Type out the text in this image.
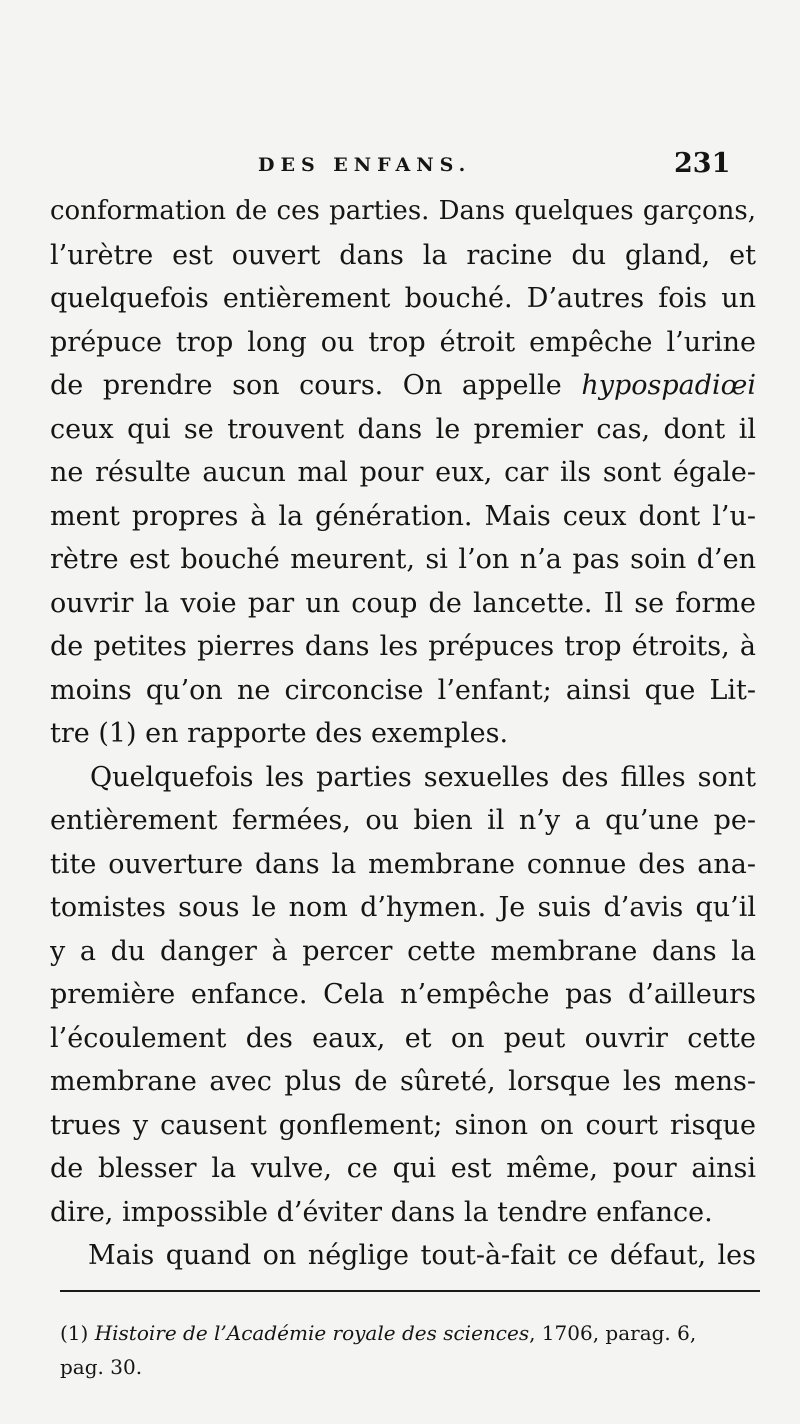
DES ENFANS.	231
conformation de ces parties. Dans quelques garçons,
l’urètre est ouvert dans la racine du gland, et
quelquefois entièrement bouché. D’autres fois un
prépuce trop long ou trop étroit empêche l’urine
de prendre son cours. On appelle hypospadiœi
ceux qui se trouvent dans le premier cas, dont il
ne résulte aucun mal pour eux, car ils sont égale-
ment propres à la génération. Mais ceux dont l’u-
rètre est bouché meurent, si l’on n’a pas soin d’en
ouvrir la voie par un coup de lancette. Il se forme
de petites pierres dans les prépuces trop étroits, à
moins qu’on ne circoncise l’enfant; ainsi que Lit-
tre (1) en rapporte des exemples.
Quelquefois les parties sexuelles des filles sont
entièrement fermées, ou bien il n’y a qu’une pe-
tite ouverture dans la membrane connue des ana-
tomistes sous le nom d’hymen. Je suis d’avis qu’il
y a du danger à percer cette membrane dans la
première enfance. Cela n’empêche pas d’ailleurs
l’écoulement des eaux, et on peut ouvrir cette
membrane avec plus de sûreté, lorsque les mens-
trues y causent gonflement; sinon on court risque
de blesser la vulve, ce qui est même, pour ainsi
dire, impossible d’éviter dans la tendre enfance.
Mais quand on néglige tout-à-fait ce défaut, les
(1) Histoire de l’Académie royale des sciences, 1706, parag. 6,
pag. 30.
